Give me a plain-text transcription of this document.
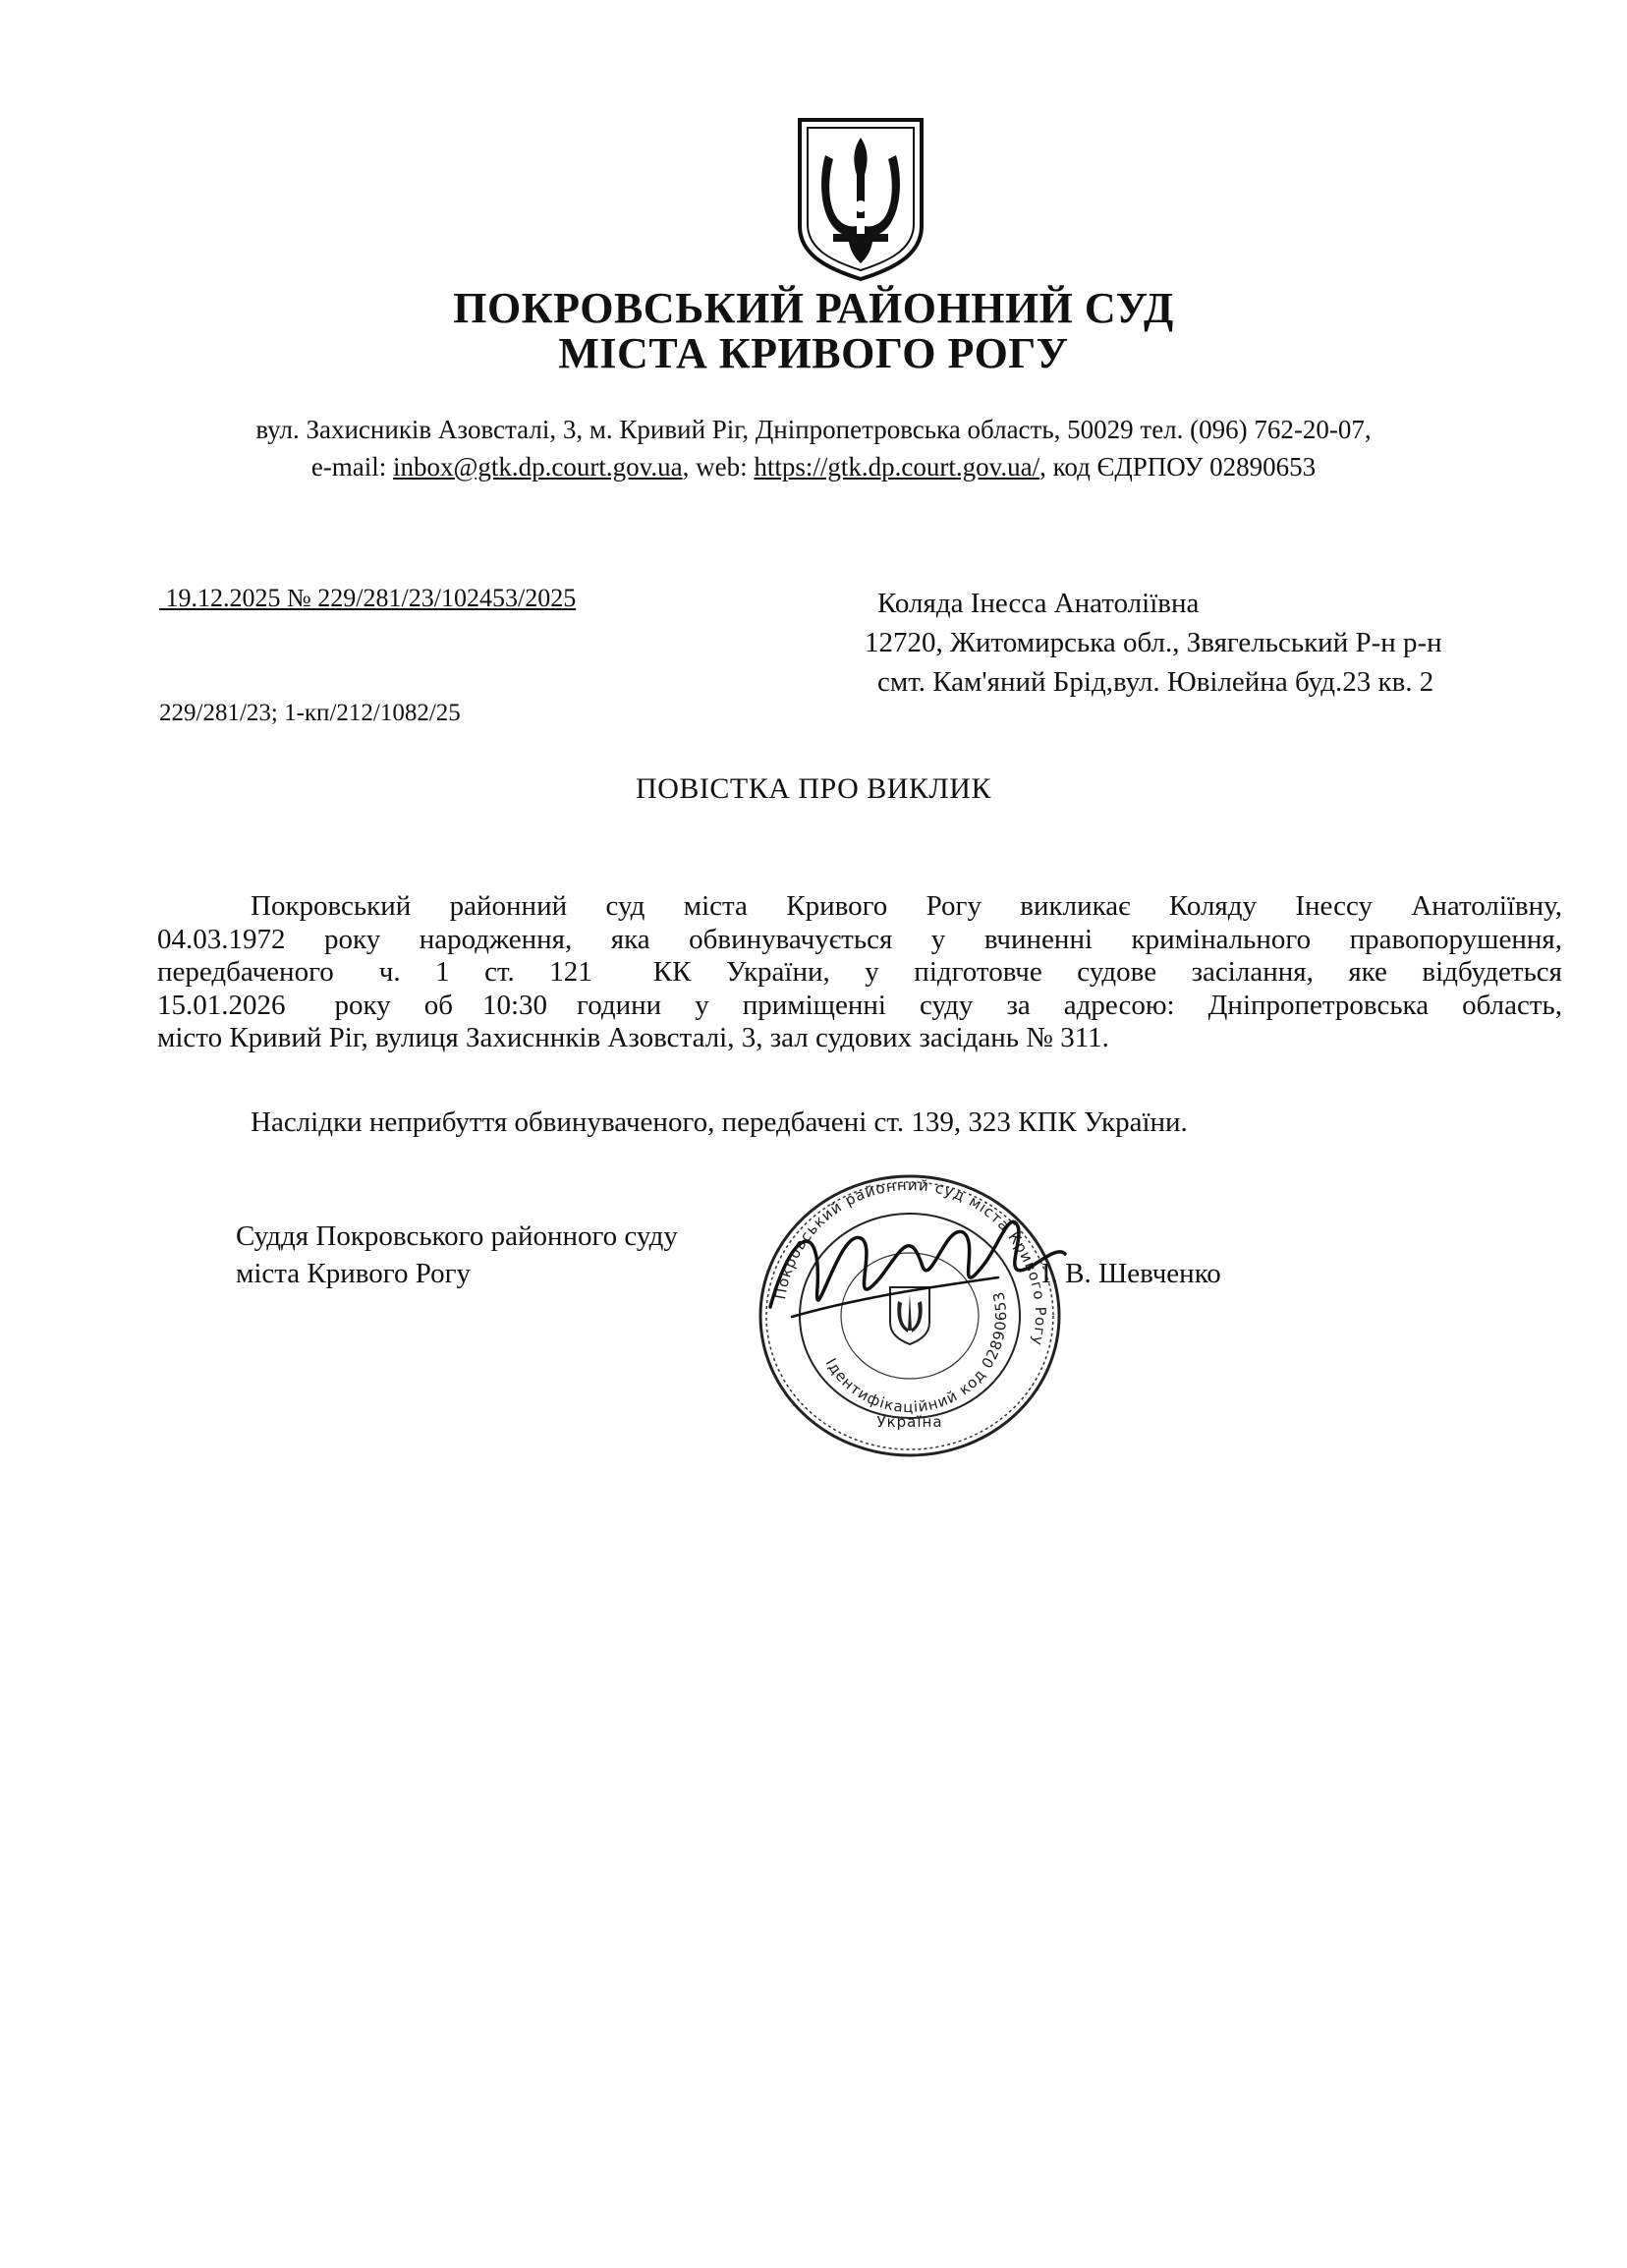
ПОКРОВСЬКИЙ РАЙОННИЙ СУД
МІСТА КРИВОГО РОГУ
вул. Захисників Азовсталі, 3, м. Кривий Ріг, Дніпропетровська область, 50029 тел. (096) 762-20-07,
e-mail: inbox@gtk.dp.court.gov.ua, web: https://gtk.dp.court.gov.ua/, код ЄДРПОУ 02890653
19.12.2025 № 229/281/23/102453/2025
229/281/23; 1-кп/212/1082/25
Коляда Інесса Анатоліївна
12720, Житомирська обл., Звягельський Р-н р-н
смт. Кам'яний Брід,вул. Ювілейна буд.23 кв. 2
ПОВІСТКА ПРО ВИКЛИК
Покровський районний суд міста Кривого Рогу викликає Коляду Інессу Анатоліївну,
04.03.1972 року народження, яка обвинувачується у вчиненні кримінального правопорушення,
передбаченого ч. 1 ст. 121 КК України, у підготовче судове засілання, яке відбудеться
15.01.2026 року об 10:30 години у приміщенні суду за адресою: Дніпропетровська область,
місто Кривий Ріг, вулиця Захисннків Азовсталі, 3, зал судових засідань № 311.
Наслідки неприбуття обвинуваченого, передбачені ст. 139, 323 КПК України.
Суддя Покровського районного суду
міста Кривого Рогу	І. В. Шевченко
Покровський районний суд міста Кривого Рогу
Ідентифікаційний код 02890653
Україна
